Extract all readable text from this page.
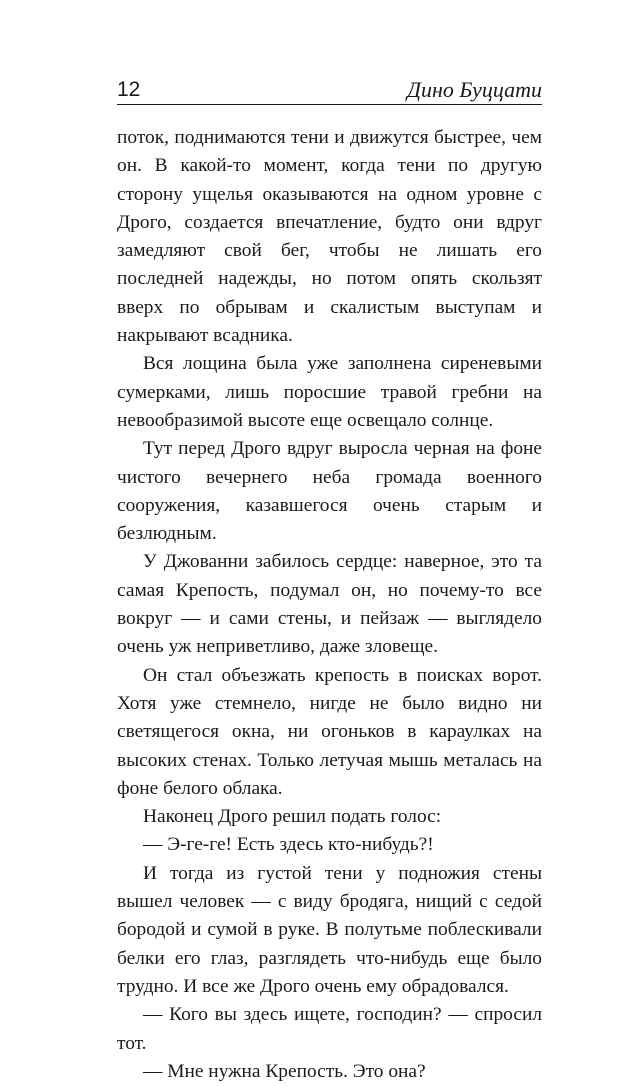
12	Дино Буццати

поток, поднимаются тени и движутся быстрее, чем он. В какой-то момент, когда тени по другую сторону ущелья оказываются на одном уровне с Дрого, создается впечатление, будто они вдруг замедляют свой бег, чтобы не лишать его последней надежды, но потом опять скользят вверх по обрывам и скалистым выступам и накрывают всадника.

Вся лощина была уже заполнена сиреневыми сумерками, лишь поросшие травой гребни на невообразимой высоте еще освещало солнце.

Тут перед Дрого вдруг выросла черная на фоне чистого вечернего неба громада военного сооружения, казавшегося очень старым и безлюдным.

У Джованни забилось сердце: наверное, это та самая Крепость, подумал он, но почему-то все вокруг — и сами стены, и пейзаж — выглядело очень уж неприветливо, даже зловеще.

Он стал объезжать крепость в поисках ворот. Хотя уже стемнело, нигде не было видно ни светящегося окна, ни огоньков в караулках на высоких стенах. Только летучая мышь металась на фоне белого облака.

Наконец Дрого решил подать голос:

— Э-ге-ге! Есть здесь кто-нибудь?!

И тогда из густой тени у подножия стены вышел человек — с виду бродяга, нищий с седой бородой и сумой в руке. В полутьме поблескивали белки его глаз, разглядеть что-нибудь еще было трудно. И все же Дрого очень ему обрадовался.

— Кого вы здесь ищете, господин? — спросил тот.

— Мне нужна Крепость. Это она?
